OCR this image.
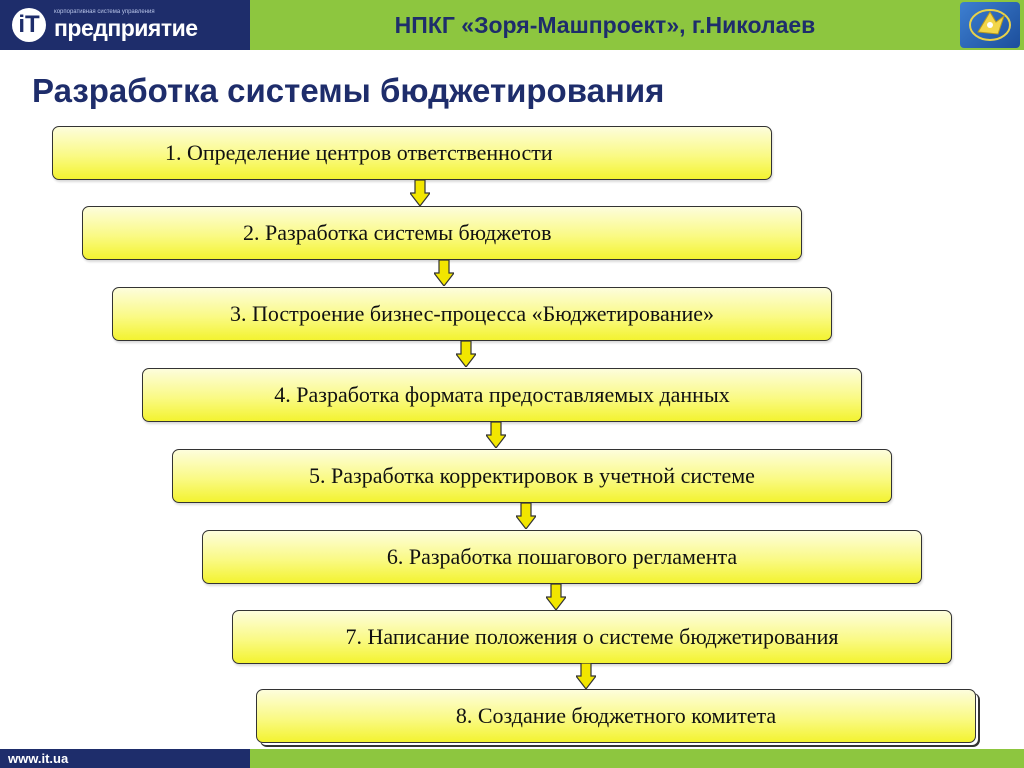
iT	корпоративная система управления
предприятие	НПКГ «Зоря-Машпроект», г.Николаев
Разработка системы бюджетирования
1. Определение центров ответственности
2. Разработка системы бюджетов
3. Построение бизнес-процесса «Бюджетирование»
4. Разработка формата предоставляемых данных
5. Разработка корректировок в учетной системе
6. Разработка пошагового регламента
7. Написание положения о системе бюджетирования
8. Создание бюджетного комитета
www.it.ua
